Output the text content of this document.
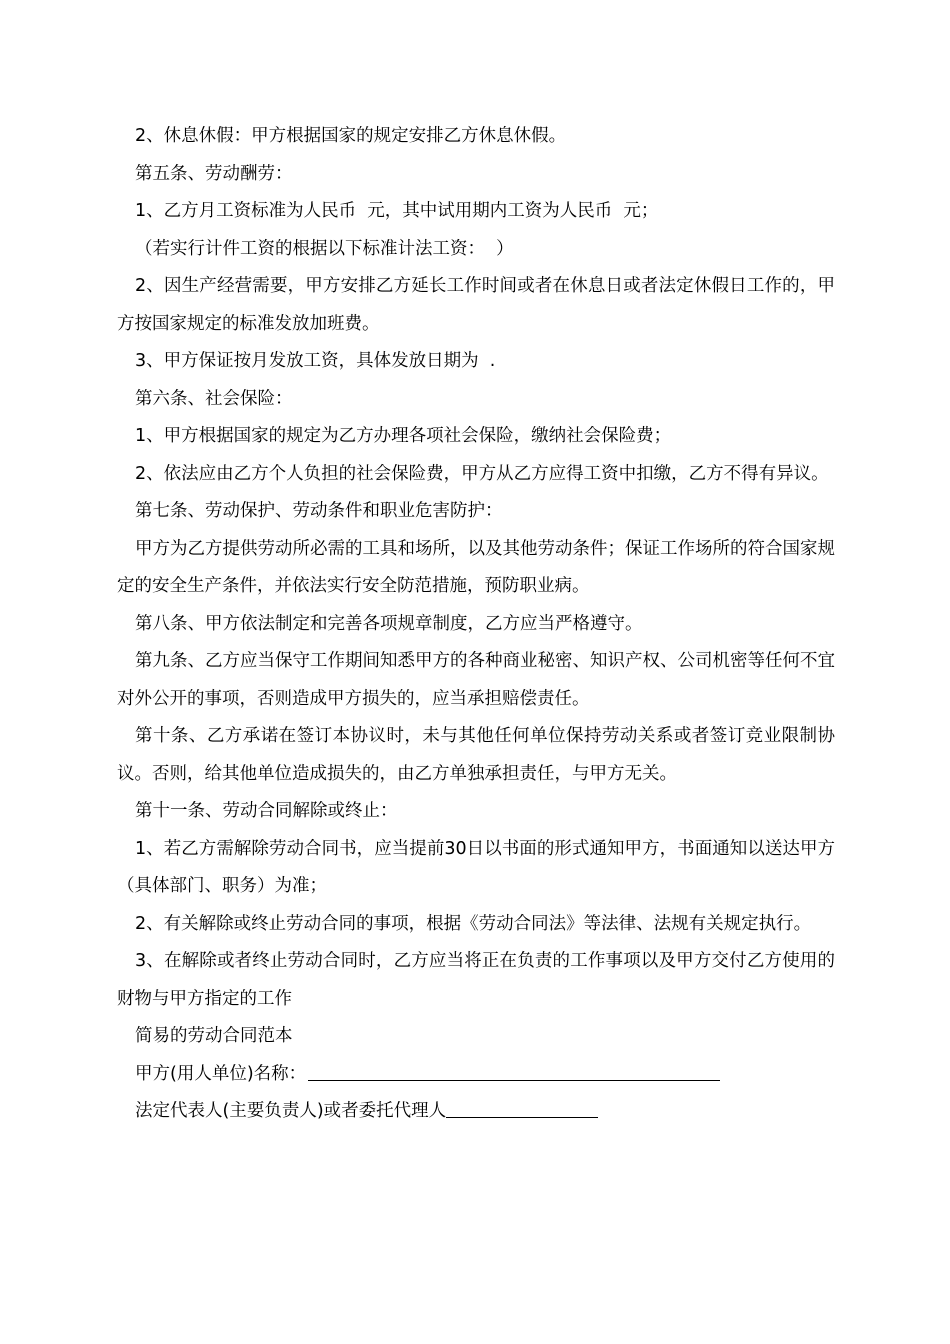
2、休息休假：甲方根据国家的规定安排乙方休息休假。

第五条、劳动酬劳：

1、乙方月工资标准为人民币  元，其中试用期内工资为人民币  元；

（若实行计件工资的根据以下标准计法工资：  ）

2、因生产经营需要，甲方安排乙方延长工作时间或者在休息日或者法定休假日工作的，甲方按国家规定的标准发放加班费。

3、甲方保证按月发放工资，具体发放日期为  .

第六条、社会保险：

1、甲方根据国家的规定为乙方办理各项社会保险，缴纳社会保险费；

2、依法应由乙方个人负担的社会保险费，甲方从乙方应得工资中扣缴，乙方不得有异议。

第七条、劳动保护、劳动条件和职业危害防护：

甲方为乙方提供劳动所必需的工具和场所，以及其他劳动条件；保证工作场所的符合国家规定的安全生产条件，并依法实行安全防范措施，预防职业病。

第八条、甲方依法制定和完善各项规章制度，乙方应当严格遵守。

第九条、乙方应当保守工作期间知悉甲方的各种商业秘密、知识产权、公司机密等任何不宜对外公开的事项，否则造成甲方损失的，应当承担赔偿责任。

第十条、乙方承诺在签订本协议时，未与其他任何单位保持劳动关系或者签订竞业限制协议。否则，给其他单位造成损失的，由乙方单独承担责任，与甲方无关。

第十一条、劳动合同解除或终止：

1、若乙方需解除劳动合同书，应当提前30日以书面的形式通知甲方，书面通知以送达甲方（具体部门、职务）为准；

2、有关解除或终止劳动合同的事项，根据《劳动合同法》等法律、法规有关规定执行。

3、在解除或者终止劳动合同时，乙方应当将正在负责的工作事项以及甲方交付乙方使用的财物与甲方指定的工作

简易的劳动合同范本

甲方(用人单位)名称：

法定代表人(主要负责人)或者委托代理人
